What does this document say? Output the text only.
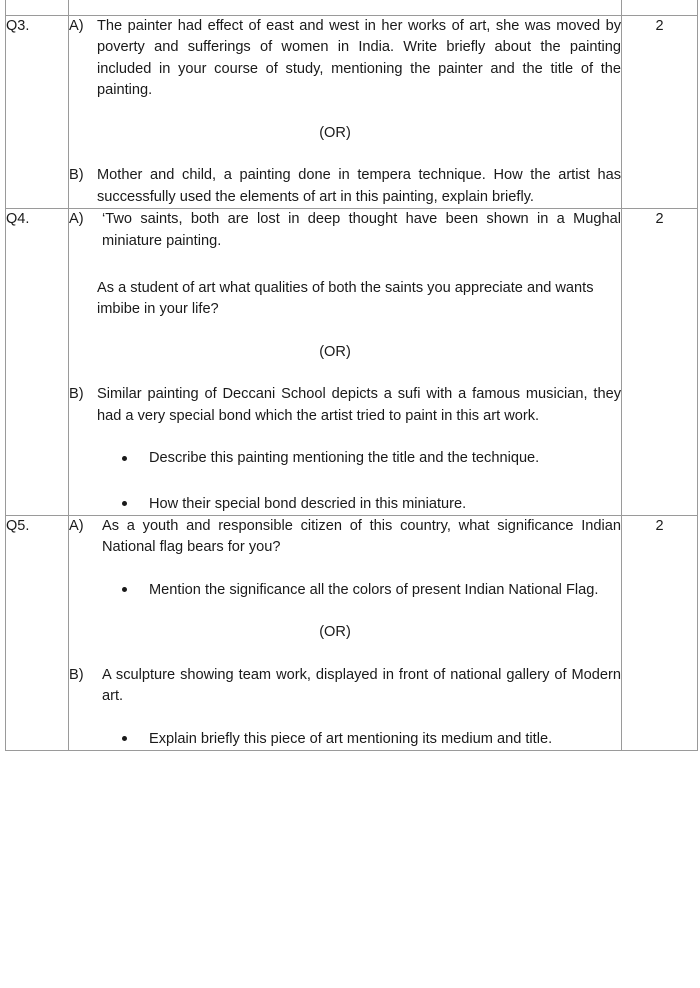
Q3.	A) The painter had effect of east and west in her works of art, she was moved by poverty and sufferings of women in India. Write briefly about the painting included in your course of study, mentioning the painter and the title of the painting.

(OR)

B) Mother and child, a painting done in tempera technique. How the artist has successfully used the elements of art in this painting, explain briefly.	2
Q4.	A)	‘Two saints, both are lost in deep thought have been shown in a Mughal miniature painting.

As a student of art what qualities of both the saints you appreciate and wants imbibe in your life?

(OR)

B) Similar painting of Deccani School depicts a sufi with a famous musician, they had a very special bond which the artist tried to paint in this art work.

Describe this painting mentioning the title and the technique.
How their special bond descried in this miniature.
	2
Q5.	A)	As a youth and responsible citizen of this country, what significance Indian National flag bears for you?

Mention the significance all the colors of present Indian National Flag.

(OR)

B)	A sculpture showing team work, displayed in front of national gallery of Modern art.

Explain briefly this piece of art mentioning its medium and title.
	2
